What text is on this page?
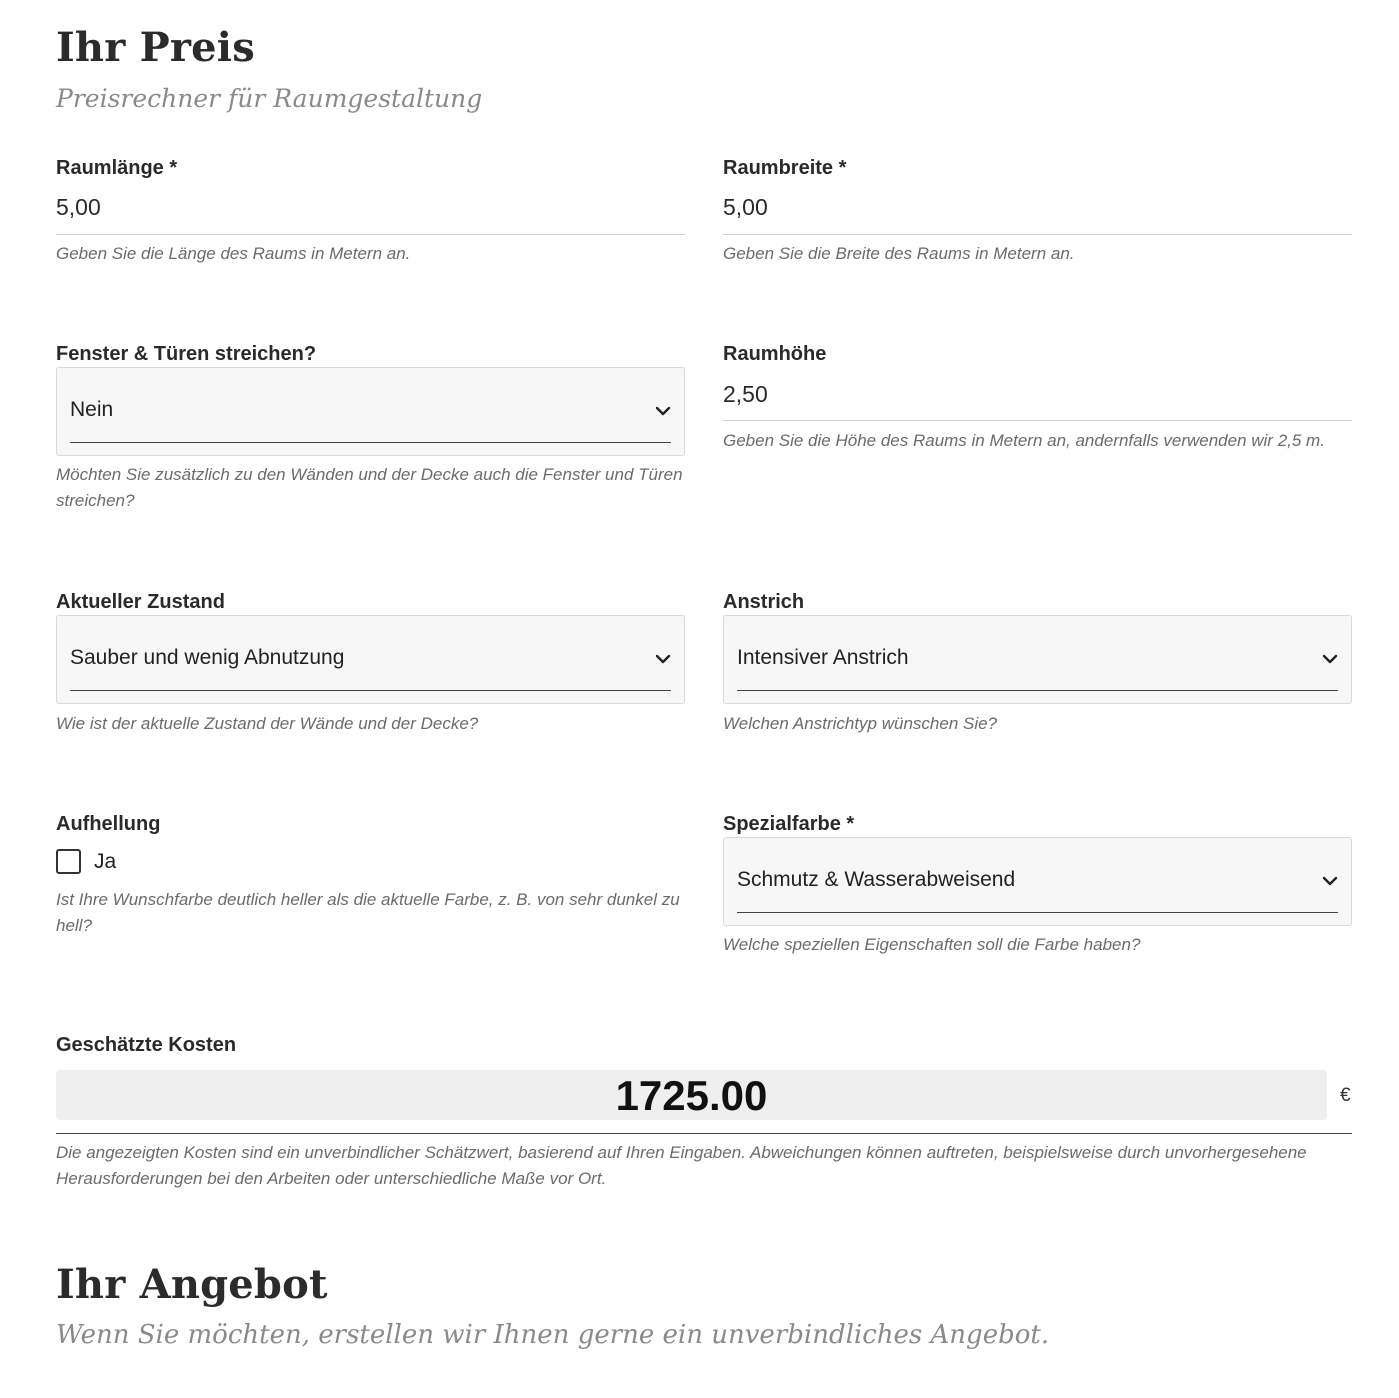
Ihr Preis
Preisrechner für Raumgestaltung
Raumlänge *
5,00
Geben Sie die Länge des Raums in Metern an.
Raumbreite *
5,00
Geben Sie die Breite des Raums in Metern an.
Fenster & Türen streichen?
Nein
Möchten Sie zusätzlich zu den Wänden und der Decke auch die Fenster und Türen streichen?
Raumhöhe
2,50
Geben Sie die Höhe des Raums in Metern an, andernfalls verwenden wir 2,5 m.
Aktueller Zustand
Sauber und wenig Abnutzung
Wie ist der aktuelle Zustand der Wände und der Decke?
Anstrich
Intensiver Anstrich
Welchen Anstrichtyp wünschen Sie?
Aufhellung
Ja
Ist Ihre Wunschfarbe deutlich heller als die aktuelle Farbe, z. B. von sehr dunkel zu hell?
Spezialfarbe *
Schmutz & Wasserabweisend
Welche speziellen Eigenschaften soll die Farbe haben?
Geschätzte Kosten
1725.00	€
Die angezeigten Kosten sind ein unverbindlicher Schätzwert, basierend auf Ihren Eingaben. Abweichungen können auftreten, beispielsweise durch unvorhergesehene Herausforderungen bei den Arbeiten oder unterschiedliche Maße vor Ort.
Ihr Angebot
Wenn Sie möchten, erstellen wir Ihnen gerne ein unverbindliches Angebot.
